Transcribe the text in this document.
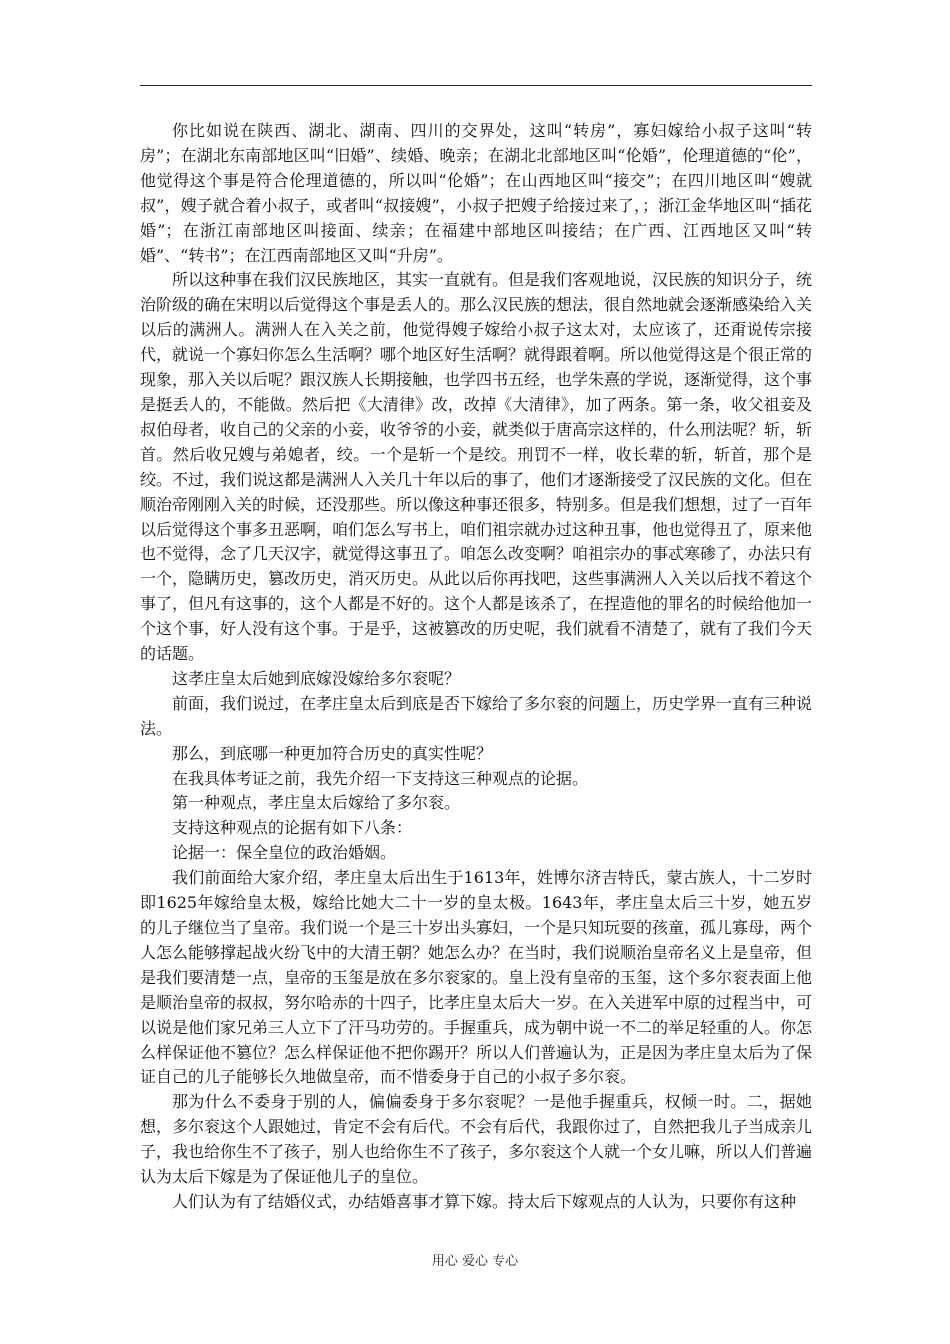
你比如说在陕西、湖北、湖南、四川的交界处，这叫“转房”，寡妇嫁给小叔子这叫“转房”；在湖北东南部地区叫“旧婚”、续婚、晚亲；在湖北北部地区叫“伦婚”，伦理道德的“伦”，他觉得这个事是符合伦理道德的，所以叫“伦婚”；在山西地区叫“接交”；在四川地区叫“嫂就叔”，嫂子就合着小叔子，或者叫“叔接嫂”，小叔子把嫂子给接过来了，；浙江金华地区叫“插花婚”；在浙江南部地区叫接面、续亲；在福建中部地区叫接结；在广西、江西地区又叫“转婚”、“转书”；在江西南部地区又叫“升房”。

所以这种事在我们汉民族地区，其实一直就有。但是我们客观地说，汉民族的知识分子，统治阶级的确在宋明以后觉得这个事是丢人的。那么汉民族的想法，很自然地就会逐渐感染给入关以后的满洲人。满洲人在入关之前，他觉得嫂子嫁给小叔子这太对，太应该了，还甭说传宗接代，就说一个寡妇你怎么生活啊？哪个地区好生活啊？就得跟着啊。所以他觉得这是个很正常的现象，那入关以后呢？跟汉族人长期接触，也学四书五经，也学朱熹的学说，逐渐觉得，这个事是挺丢人的，不能做。然后把《大清律》改，改掉《大清律》，加了两条。第一条，收父祖妾及叔伯母者，收自己的父亲的小妾，收爷爷的小妾，就类似于唐高宗这样的，什么刑法呢？斩，斩首。然后收兄嫂与弟媳者，绞。一个是斩一个是绞。刑罚不一样，收长辈的斩，斩首，那个是绞。不过，我们说这都是满洲人入关几十年以后的事了，他们才逐渐接受了汉民族的文化。但在顺治帝刚刚入关的时候，还没那些。所以像这种事还很多，特别多。但是我们想想，过了一百年以后觉得这个事多丑恶啊，咱们怎么写书上，咱们祖宗就办过这种丑事，他也觉得丑了，原来他也不觉得，念了几天汉字，就觉得这事丑了。咱怎么改变啊？咱祖宗办的事忒寒碜了，办法只有一个，隐瞒历史，篡改历史，消灭历史。从此以后你再找吧，这些事满洲人入关以后找不着这个事了，但凡有这事的，这个人都是不好的。这个人都是该杀了，在捏造他的罪名的时候给他加一个这个事，好人没有这个事。于是乎，这被篡改的历史呢，我们就看不清楚了，就有了我们今天的话题。

这孝庄皇太后她到底嫁没嫁给多尔衮呢？

前面，我们说过，在孝庄皇太后到底是否下嫁给了多尔衮的问题上，历史学界一直有三种说法。

那么，到底哪一种更加符合历史的真实性呢？

在我具体考证之前，我先介绍一下支持这三种观点的论据。

第一种观点，孝庄皇太后嫁给了多尔衮。

支持这种观点的论据有如下八条：

论据一：保全皇位的政治婚姻。

我们前面给大家介绍，孝庄皇太后出生于1613年，姓博尔济吉特氏，蒙古族人，十二岁时即1625年嫁给皇太极，嫁给比她大二十一岁的皇太极。1643年，孝庄皇太后三十岁，她五岁的儿子继位当了皇帝。我们说一个是三十岁出头寡妇，一个是只知玩耍的孩童，孤儿寡母，两个人怎么能够撑起战火纷飞中的大清王朝？她怎么办？在当时，我们说顺治皇帝名义上是皇帝，但是我们要清楚一点，皇帝的玉玺是放在多尔衮家的。皇上没有皇帝的玉玺，这个多尔衮表面上他是顺治皇帝的叔叔，努尔哈赤的十四子，比孝庄皇太后大一岁。在入关进军中原的过程当中，可以说是他们家兄弟三人立下了汗马功劳的。手握重兵，成为朝中说一不二的举足轻重的人。你怎么样保证他不篡位？怎么样保证他不把你踢开？所以人们普遍认为，正是因为孝庄皇太后为了保证自己的儿子能够长久地做皇帝，而不惜委身于自己的小叔子多尔衮。

那为什么不委身于别的人，偏偏委身于多尔衮呢？一是他手握重兵，权倾一时。二，据她想，多尔衮这个人跟她过，肯定不会有后代。不会有后代，我跟你过了，自然把我儿子当成亲儿子，我也给你生不了孩子，别人也给你生不了孩子，多尔衮这个人就一个女儿嘛，所以人们普遍认为太后下嫁是为了保证他儿子的皇位。

人们认为有了结婚仪式，办结婚喜事才算下嫁。持太后下嫁观点的人认为，只要你有这种

用心 爱心 专心
